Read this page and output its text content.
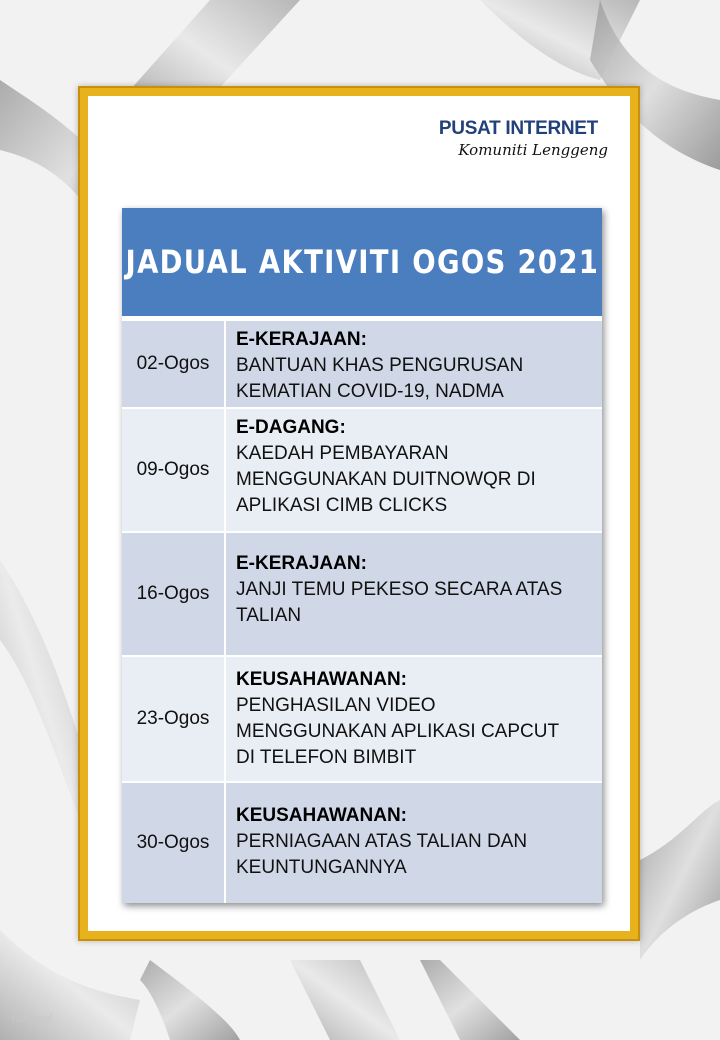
PUSAT INTERNET
Komuniti Lenggeng
JADUAL AKTIVITI OGOS 2021
02-Ogos
E-KERAJAAN:
BANTUAN KHAS PENGURUSAN
KEMATIAN COVID-19, NADMA
09-Ogos
E-DAGANG:
KAEDAH PEMBAYARAN
MENGGUNAKAN DUITNOWQR DI
APLIKASI CIMB CLICKS
16-Ogos
E-KERAJAAN:
JANJI TEMU PEKESO SECARA ATAS
TALIAN
23-Ogos
KEUSAHAWANAN:
PENGHASILAN VIDEO
MENGGUNAKAN APLIKASI CAPCUT
DI TELEFON BIMBIT
30-Ogos
KEUSAHAWANAN:
PERNIAGAAN ATAS TALIAN DAN
KEUNTUNGANNYA
rawpixel
